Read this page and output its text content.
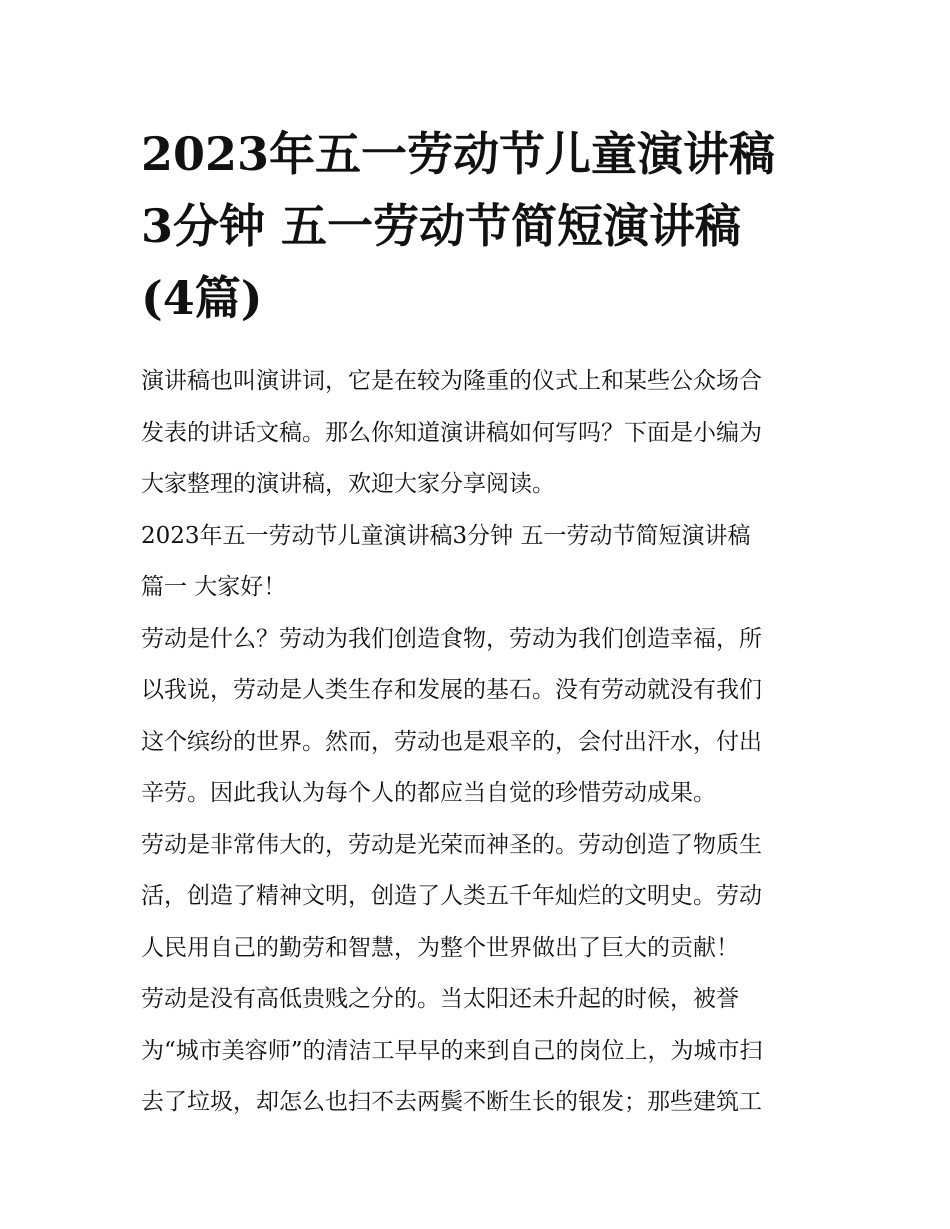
2023年五一劳动节儿童演讲稿
3分钟 五一劳动节简短演讲稿
(4篇)
演讲稿也叫演讲词，它是在较为隆重的仪式上和某些公众场合
发表的讲话文稿。那么你知道演讲稿如何写吗？下面是小编为
大家整理的演讲稿，欢迎大家分享阅读。
2023年五一劳动节儿童演讲稿3分钟 五一劳动节简短演讲稿
篇一 大家好！
劳动是什么？劳动为我们创造食物，劳动为我们创造幸福，所
以我说，劳动是人类生存和发展的基石。没有劳动就没有我们
这个缤纷的世界。然而，劳动也是艰辛的，会付出汗水，付出
辛劳。因此我认为每个人的都应当自觉的珍惜劳动成果。
劳动是非常伟大的，劳动是光荣而神圣的。劳动创造了物质生
活，创造了精神文明，创造了人类五千年灿烂的文明史。劳动
人民用自己的勤劳和智慧，为整个世界做出了巨大的贡献！
劳动是没有高低贵贱之分的。当太阳还未升起的时候，被誉
为“城市美容师”的清洁工早早的来到自己的岗位上，为城市扫
去了垃圾，却怎么也扫不去两鬓不断生长的银发；那些建筑工
